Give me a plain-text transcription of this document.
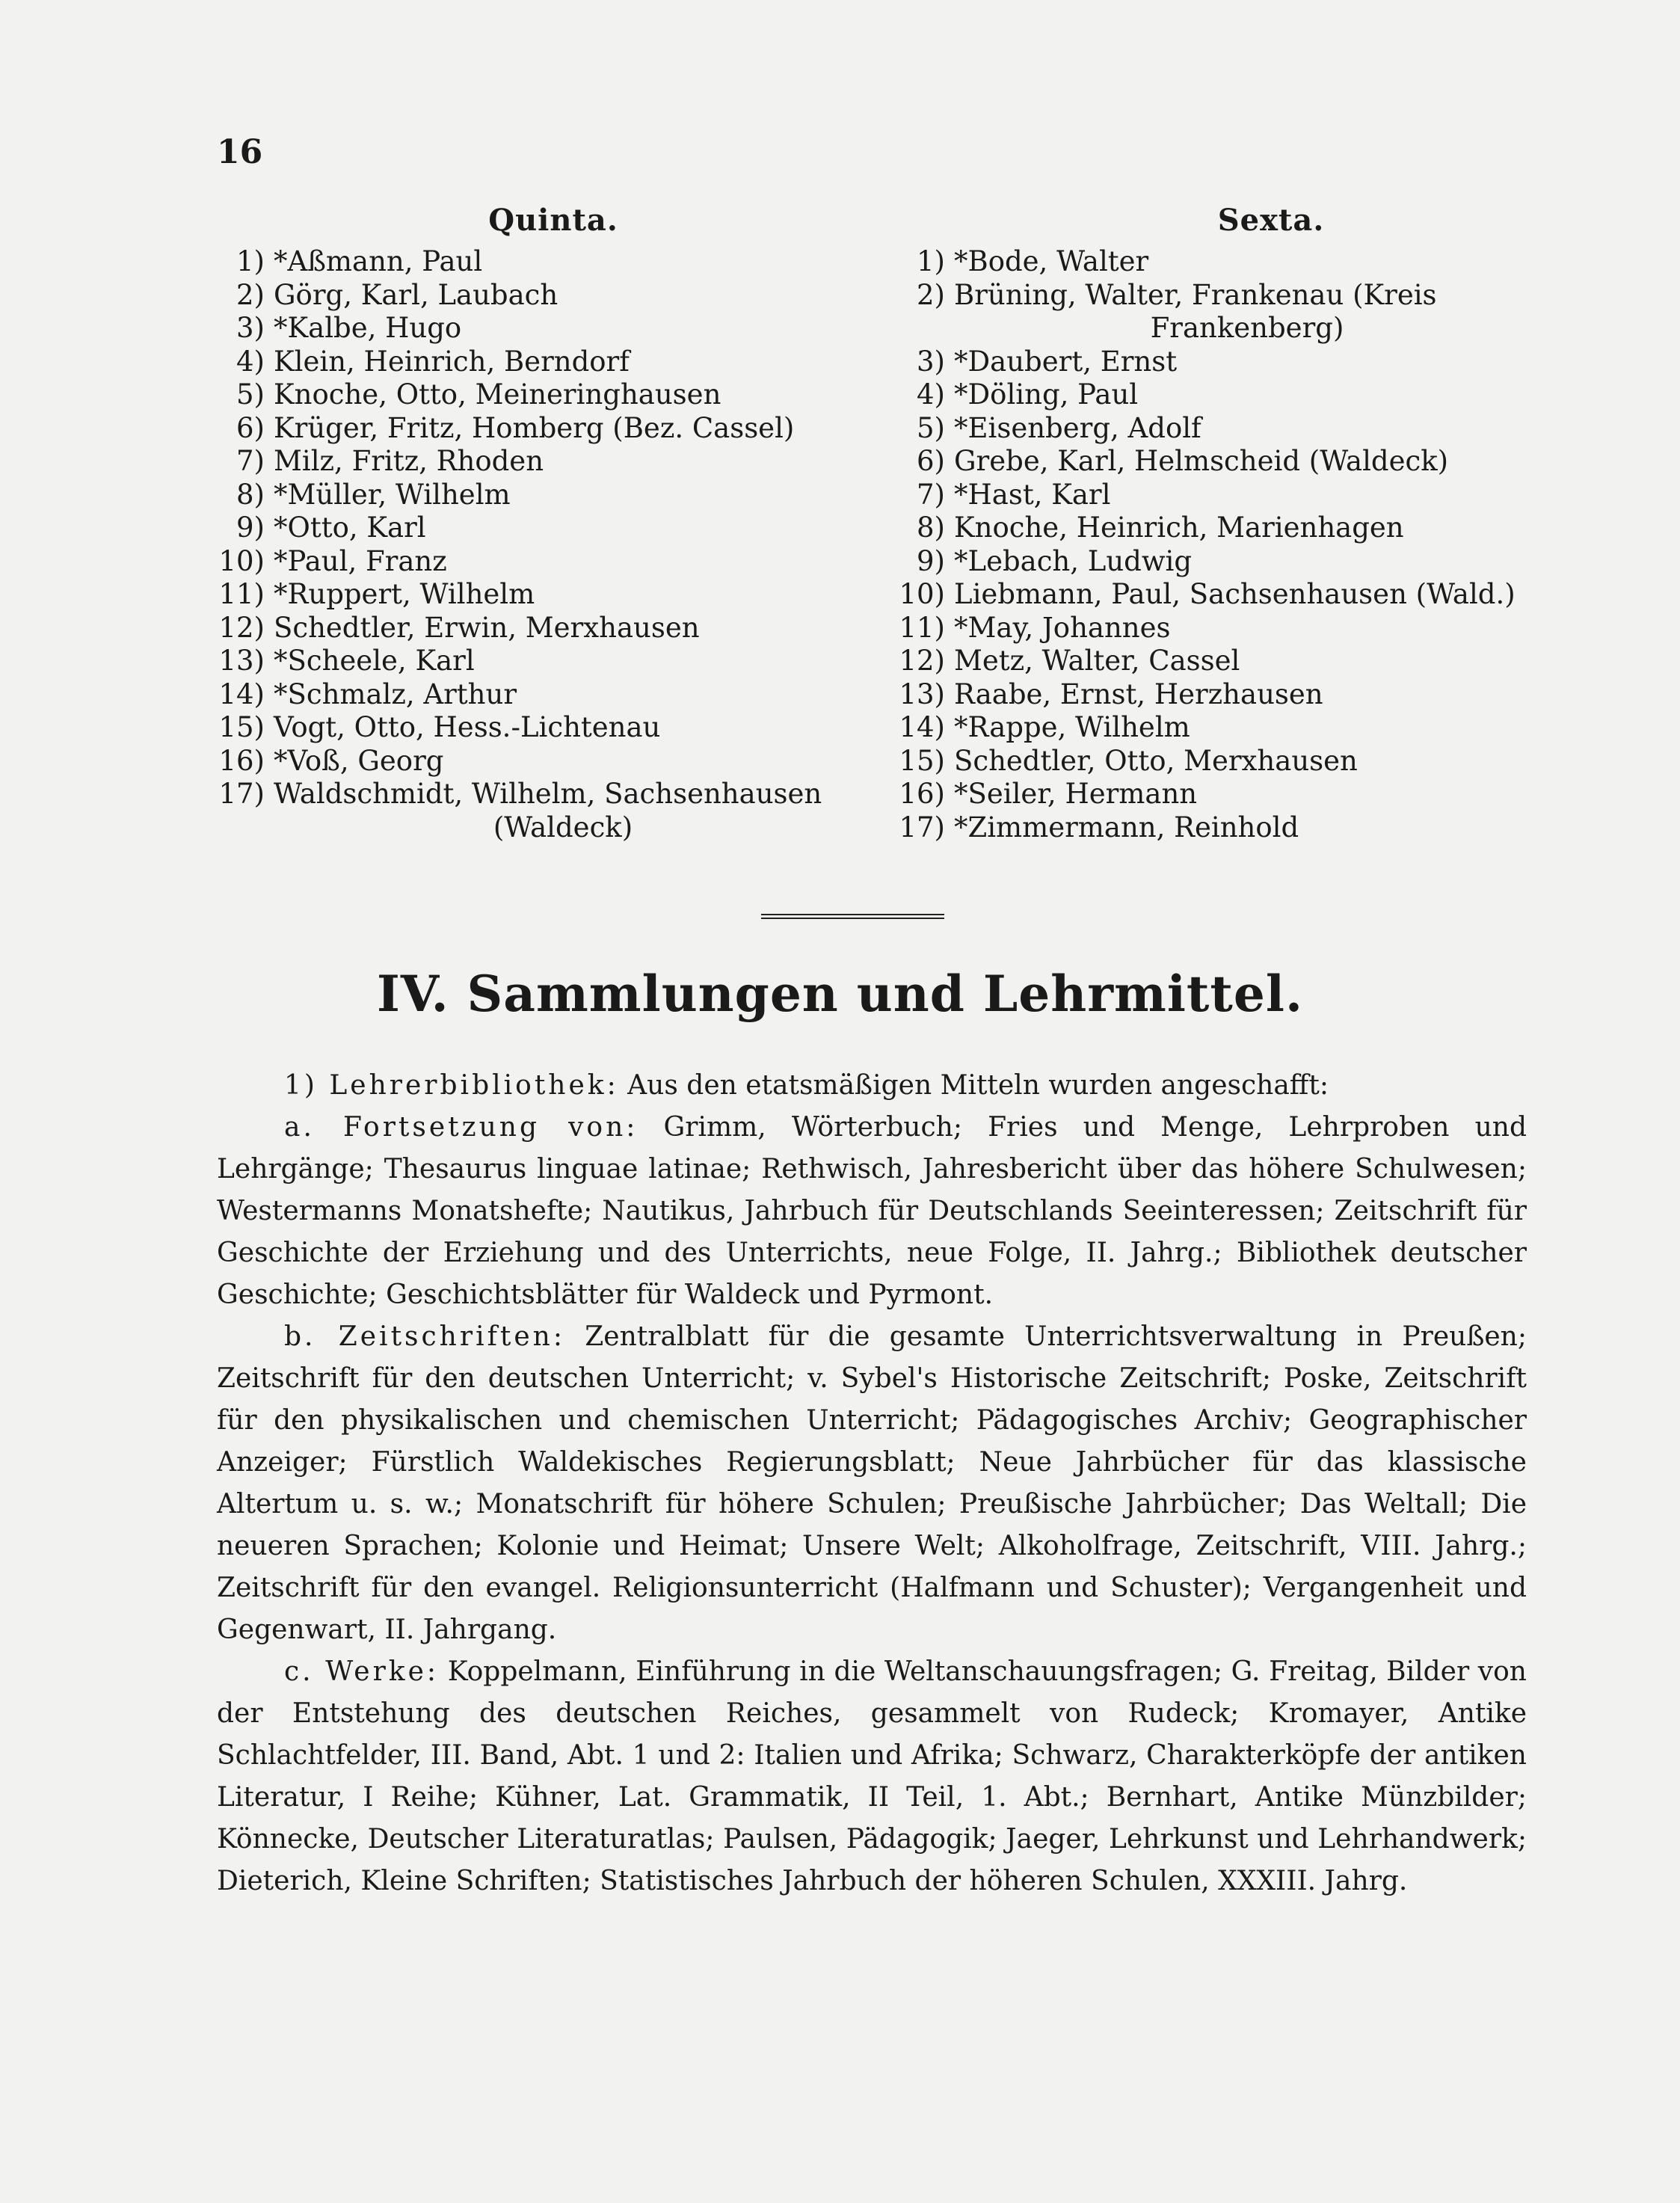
16
Quinta.
1) *Aßmann, Paul
2) Görg, Karl, Laubach
3) *Kalbe, Hugo
4) Klein, Heinrich, Berndorf
5) Knoche, Otto, Meineringhausen
6) Krüger, Fritz, Homberg (Bez. Cassel)
7) Milz, Fritz, Rhoden
8) *Müller, Wilhelm
9) *Otto, Karl
10) *Paul, Franz
11) *Ruppert, Wilhelm
12) Schedtler, Erwin, Merxhausen
13) *Scheele, Karl
14) *Schmalz, Arthur
15) Vogt, Otto, Hess.-Lichtenau
16) *Voß, Georg
17) Waldschmidt, Wilhelm, Sachsenhausen
(Waldeck)
Sexta.
1) *Bode, Walter
2) Brüning, Walter, Frankenau (Kreis
Frankenberg)
3) *Daubert, Ernst
4) *Döling, Paul
5) *Eisenberg, Adolf
6) Grebe, Karl, Helmscheid (Waldeck)
7) *Hast, Karl
8) Knoche, Heinrich, Marienhagen
9) *Lebach, Ludwig
10) Liebmann, Paul, Sachsenhausen (Wald.)
11) *May, Johannes
12) Metz, Walter, Cassel
13) Raabe, Ernst, Herzhausen
14) *Rappe, Wilhelm
15) Schedtler, Otto, Merxhausen
16) *Seiler, Hermann
17) *Zimmermann, Reinhold
IV. Sammlungen und Lehrmittel.

1) Lehrerbibliothek: Aus den etatsmäßigen Mitteln wurden angeschafft:

a. Fortsetzung von: Grimm, Wörterbuch; Fries und Menge, Lehrproben und Lehrgänge; Thesaurus linguae latinae; Rethwisch, Jahresbericht über das höhere Schulwesen; Westermanns Monatshefte; Nautikus, Jahrbuch für Deutschlands Seeinteressen; Zeitschrift für Geschichte der Erziehung und des Unterrichts, neue Folge, II. Jahrg.; Bibliothek deutscher Geschichte; Geschichtsblätter für Waldeck und Pyrmont.

b. Zeitschriften: Zentralblatt für die gesamte Unterrichtsverwaltung in Preußen; Zeitschrift für den deutschen Unterricht; v. Sybel's Historische Zeitschrift; Poske, Zeitschrift für den physikalischen und chemischen Unterricht; Pädagogisches Archiv; Geographischer Anzeiger; Fürstlich Waldekisches Regierungsblatt; Neue Jahrbücher für das klassische Altertum u. s. w.; Monatschrift für höhere Schulen; Preußische Jahrbücher; Das Weltall; Die neueren Sprachen; Kolonie und Heimat; Unsere Welt; Alkoholfrage, Zeitschrift, VIII. Jahrg.; Zeitschrift für den evangel. Religionsunterricht (Halfmann und Schuster); Vergangenheit und Gegenwart, II. Jahrgang.

c. Werke: Koppelmann, Einführung in die Weltanschauungsfragen; G. Freitag, Bilder von der Entstehung des deutschen Reiches, gesammelt von Rudeck; Kromayer, Antike Schlachtfelder, III. Band, Abt. 1 und 2: Italien und Afrika; Schwarz, Charakterköpfe der antiken Literatur, I Reihe; Kühner, Lat. Grammatik, II Teil, 1. Abt.; Bernhart, Antike Münzbilder; Könnecke, Deutscher Literaturatlas; Paulsen, Pädagogik; Jaeger, Lehrkunst und Lehrhandwerk; Dieterich, Kleine Schriften; Statistisches Jahrbuch der höheren Schulen, XXXIII. Jahrg.
